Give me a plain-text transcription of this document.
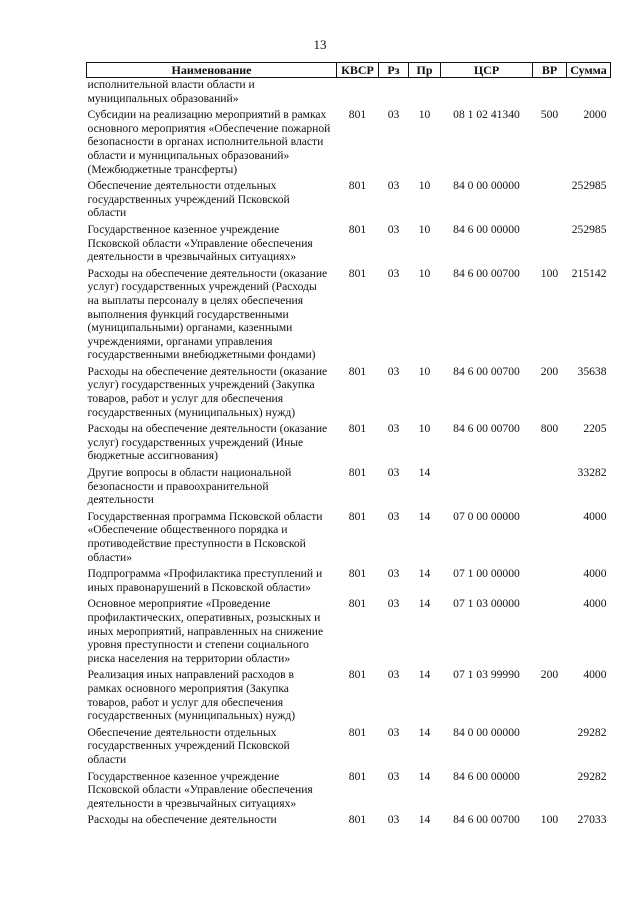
13
Наименование	КВСР	Рз	Пр	ЦСР	ВР	Сумма
исполнительной власти области и муниципальных образований»						
Субсидии на реализацию мероприятий в рамках основного мероприятия «Обеспечение пожарной безопасности в органах исполнительной власти области и муниципальных образований» (Межбюджетные трансферты)	801	03	10	08 1 02 41340	500	2000
Обеспечение деятельности отдельных государственных учреждений Псковской области	801	03	10	84 0 00 00000		252985
Государственное казенное учреждение Псковской области «Управление обеспечения деятельности в чрезвычайных ситуациях»	801	03	10	84 6 00 00000		252985
Расходы на обеспечение деятельности (оказание услуг) государственных учреждений (Расходы на выплаты персоналу в целях обеспечения выполнения функций государственными (муниципальными) органами, казенными учреждениями, органами управления государственными внебюджетными фондами)	801	03	10	84 6 00 00700	100	215142
Расходы на обеспечение деятельности (оказание услуг) государственных учреждений (Закупка товаров, работ и услуг для обеспечения государственных (муниципальных) нужд)	801	03	10	84 6 00 00700	200	35638
Расходы на обеспечение деятельности (оказание услуг) государственных учреждений (Иные бюджетные ассигнования)	801	03	10	84 6 00 00700	800	2205
Другие вопросы в области национальной безопасности и правоохранительной деятельности	801	03	14			33282
Государственная программа Псковской области «Обеспечение общественного порядка и противодействие преступности в Псковской области»	801	03	14	07 0 00 00000		4000
Подпрограмма «Профилактика преступлений и иных правонарушений в Псковской области»	801	03	14	07 1 00 00000		4000
Основное мероприятие «Проведение профилактических, оперативных, розыскных и иных мероприятий, направленных на снижение уровня преступности и степени социального риска населения на территории области»	801	03	14	07 1 03 00000		4000
Реализация иных направлений расходов в рамках основного мероприятия (Закупка товаров, работ и услуг для обеспечения государственных (муниципальных) нужд)	801	03	14	07 1 03 99990	200	4000
Обеспечение деятельности отдельных государственных учреждений Псковской области	801	03	14	84 0 00 00000		29282
Государственное казенное учреждение Псковской области «Управление обеспечения деятельности в чрезвычайных ситуациях»	801	03	14	84 6 00 00000		29282
Расходы на обеспечение деятельности	801	03	14	84 6 00 00700	100	27033
